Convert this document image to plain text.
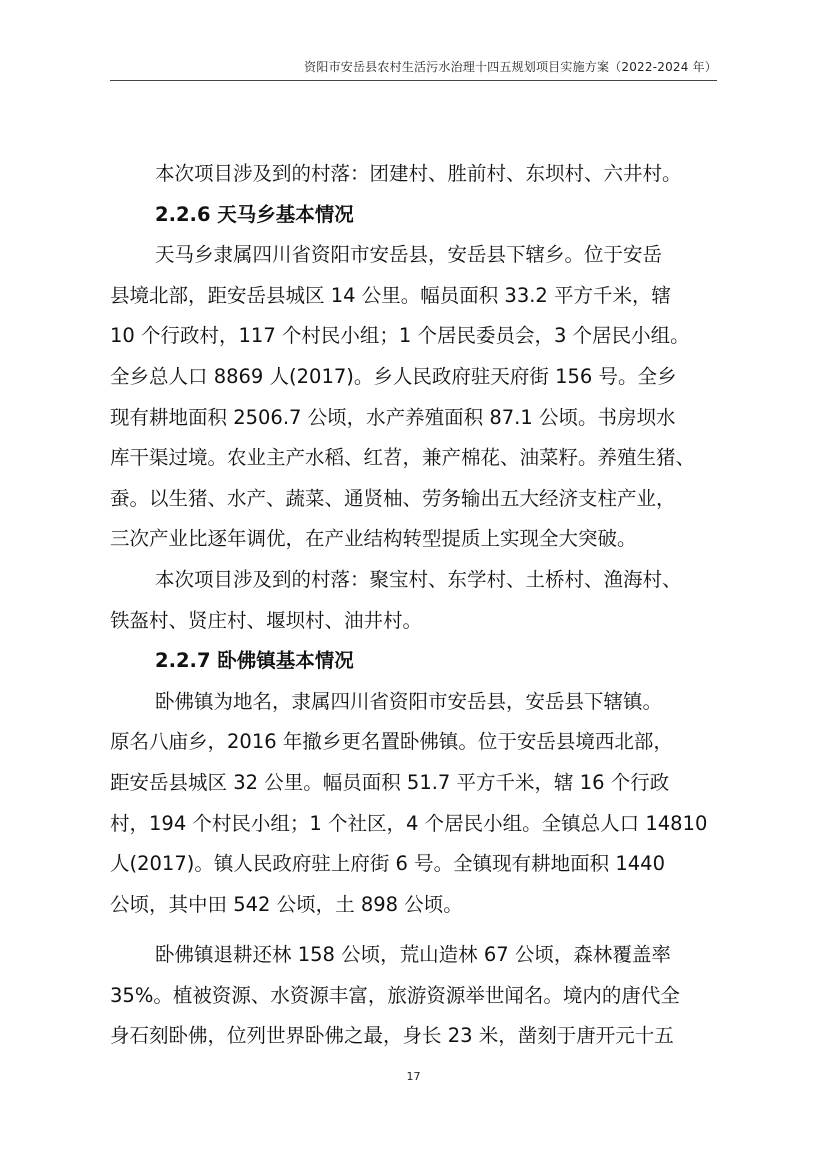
资阳市安岳县农村生活污水治理十四五规划项目实施方案（2022-2024 年）
本次项目涉及到的村落：团建村、胜前村、东坝村、六井村。
2.2.6 天马乡基本情况
天马乡隶属四川省资阳市安岳县，安岳县下辖乡。位于安岳
县境北部，距安岳县城区 14 公里。幅员面积 33.2 平方千米，辖
10 个行政村，117 个村民小组；1 个居民委员会，3 个居民小组。
全乡总人口 8869 人(2017)。乡人民政府驻天府街 156 号。全乡
现有耕地面积 2506.7 公顷，水产养殖面积 87.1 公顷。书房坝水
库干渠过境。农业主产水稻、红苕，兼产棉花、油菜籽。养殖生猪、
蚕。以生猪、水产、蔬菜、通贤柚、劳务输出五大经济支柱产业，
三次产业比逐年调优，在产业结构转型提质上实现全大突破。
本次项目涉及到的村落：聚宝村、东学村、土桥村、渔海村、
铁盔村、贤庄村、堰坝村、油井村。
2.2.7 卧佛镇基本情况
卧佛镇为地名，隶属四川省资阳市安岳县，安岳县下辖镇。
原名八庙乡，2016 年撤乡更名置卧佛镇。位于安岳县境西北部，
距安岳县城区 32 公里。幅员面积 51.7 平方千米，辖 16 个行政
村，194 个村民小组；1 个社区，4 个居民小组。全镇总人口 14810
人(2017)。镇人民政府驻上府街 6 号。全镇现有耕地面积 1440
公顷，其中田 542 公顷，土 898 公顷。
卧佛镇退耕还林 158 公顷，荒山造林 67 公顷，森林覆盖率
35%。植被资源、水资源丰富，旅游资源举世闻名。境内的唐代全
身石刻卧佛，位列世界卧佛之最，身长 23 米，凿刻于唐开元十五
17
